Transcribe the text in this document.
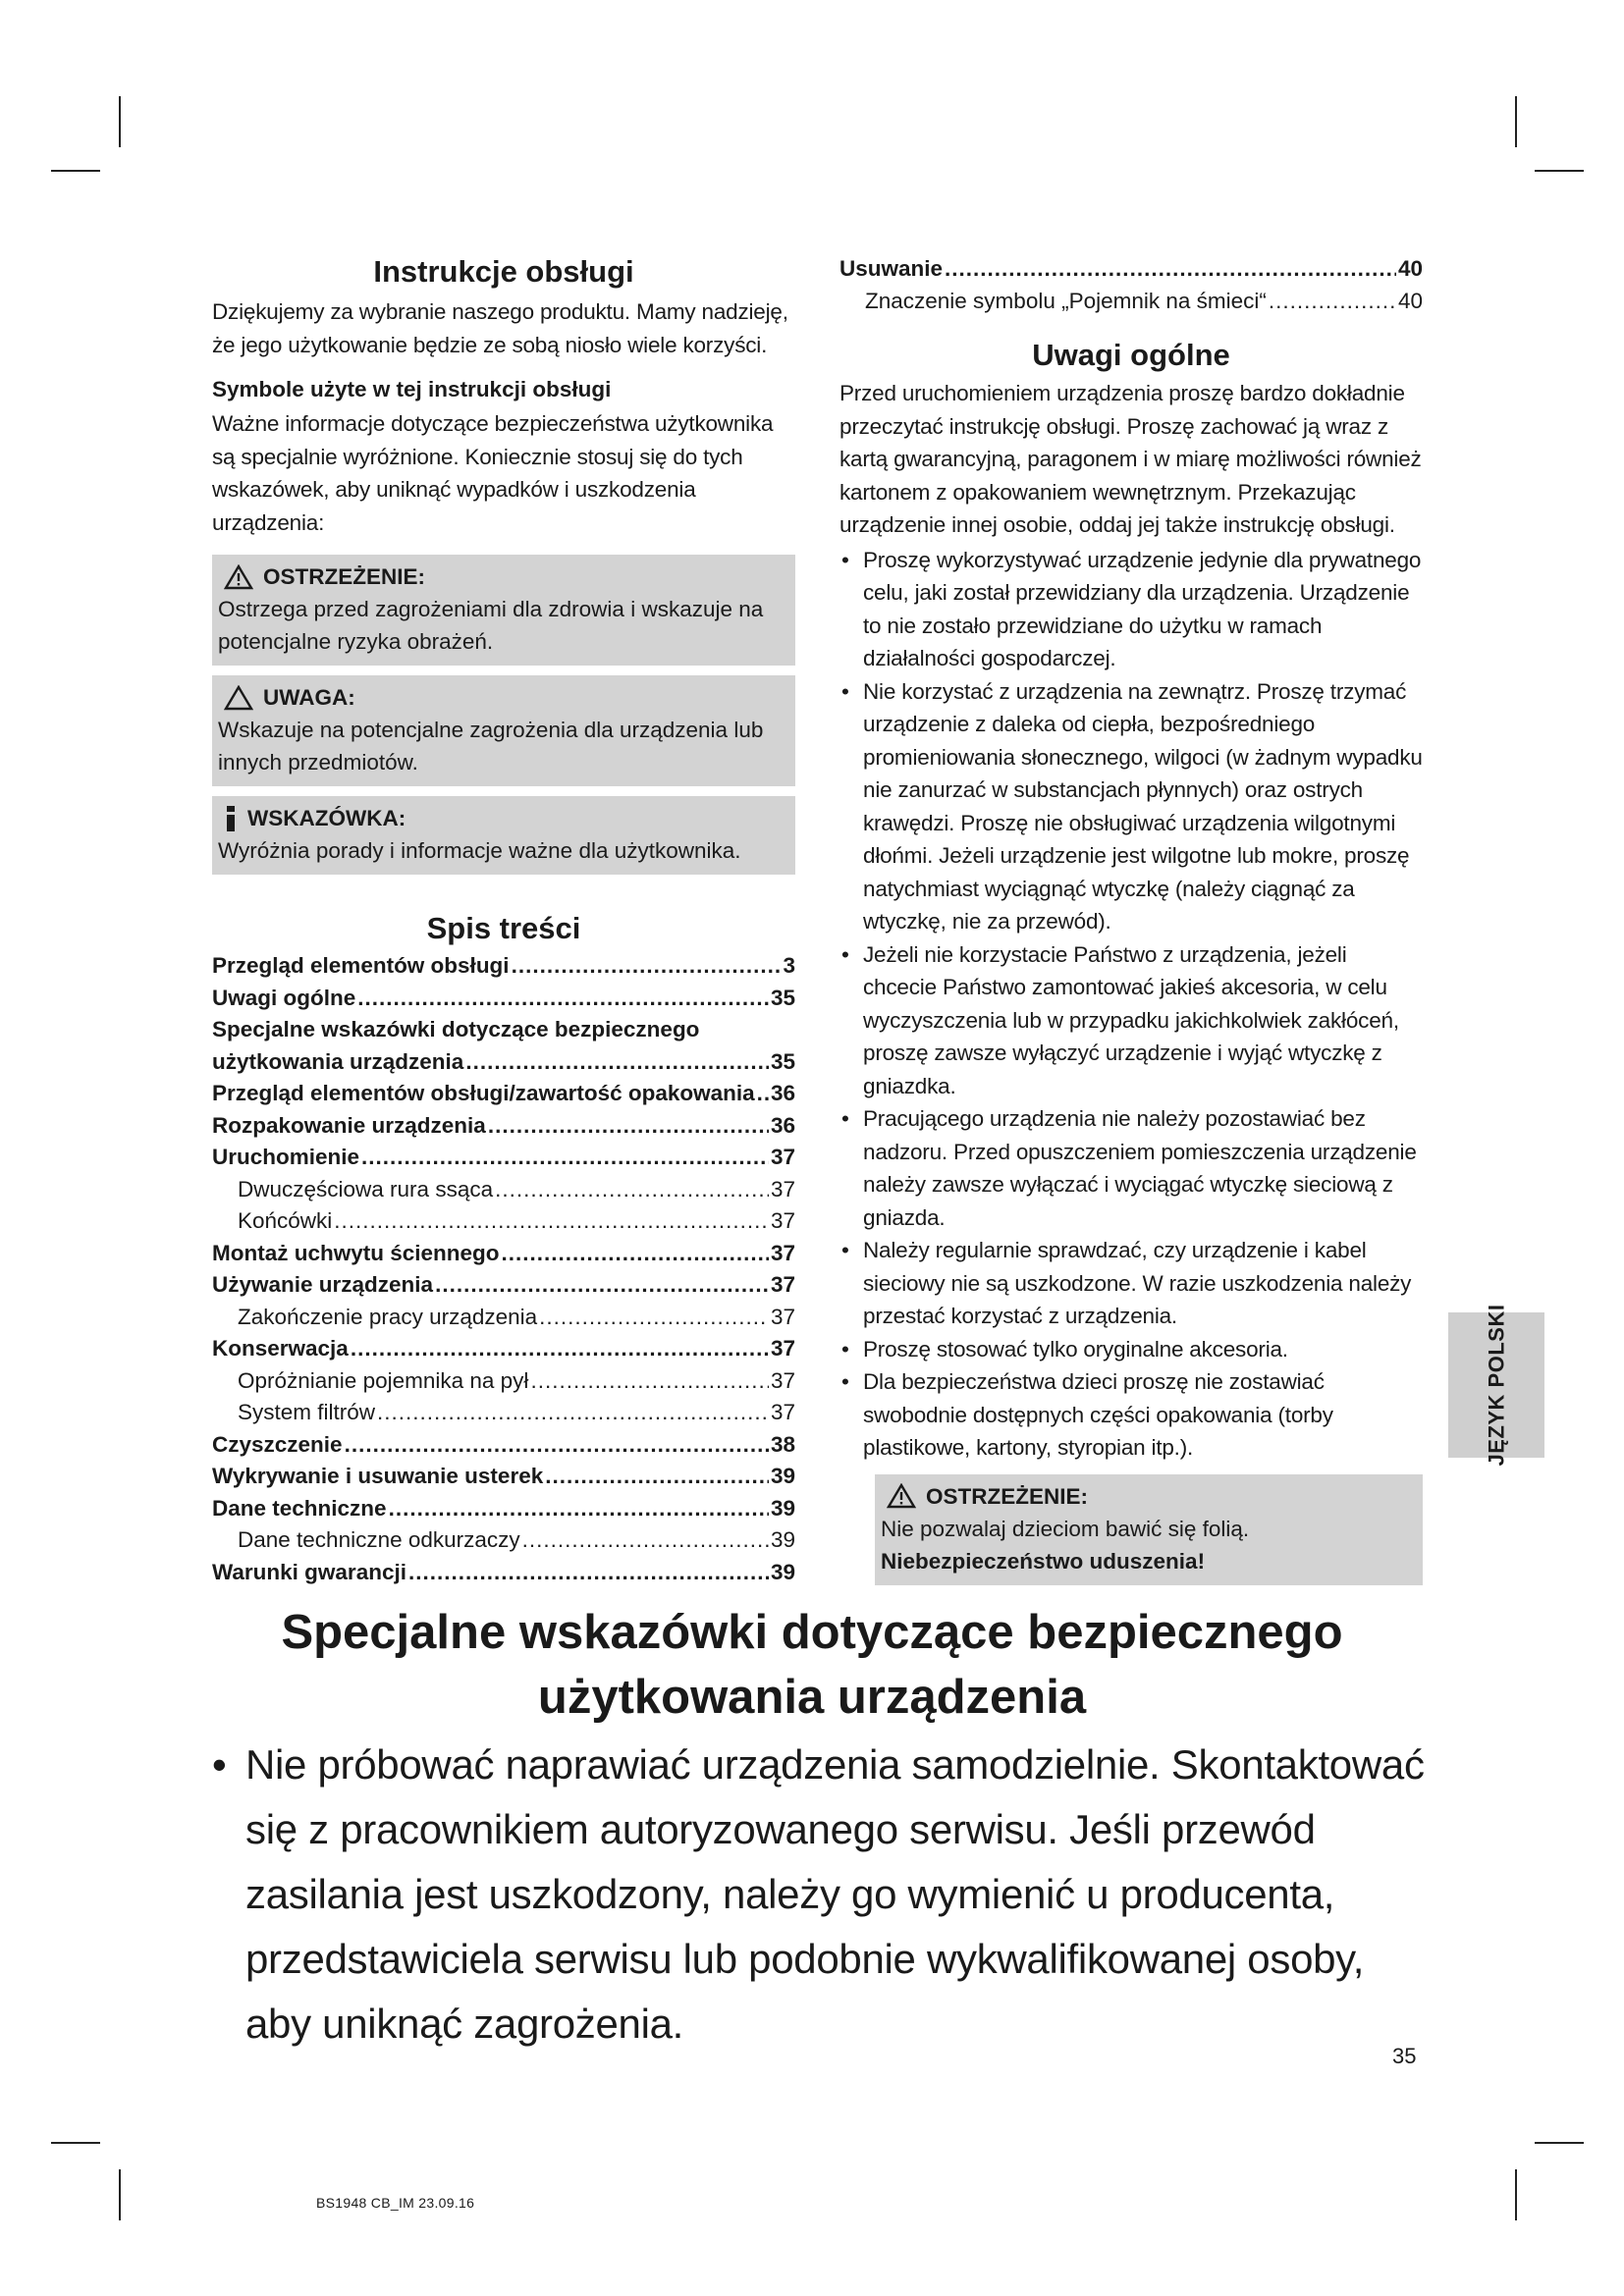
Instrukcje obsługi

Dziękujemy za wybranie naszego produktu. Mamy nadzieję, że jego użytkowanie będzie ze sobą niosło wiele korzyści.

Symbole użyte w tej instrukcji obsługi

Ważne informacje dotyczące bezpieczeństwa użytkownika są specjalnie wyróżnione. Koniecznie stosuj się do tych wskazówek, aby uniknąć wypadków i uszkodzenia urządzenia:

OSTRZEŻENIE:
Ostrzega przed zagrożeniami dla zdrowia i wskazuje na potencjalne ryzyka obrażeń.
UWAGA:
Wskazuje na potencjalne zagrożenia dla urządzenia lub innych przedmiotów.
WSKAZÓWKA:
Wyróżnia porady i informacje ważne dla użytkownika.
Spis treści
Przegląd elementów obsługi .....	3
Uwagi ogólne .....	35
Specjalne wskazówki dotyczące bezpiecznego
użytkowania urządzenia .....	35
Przegląd elementów obsługi/zawartość opakowania ..... 36
Rozpakowanie urządzenia .....	36
Uruchomienie .....	37
Dwuczęściowa rura ssąca .....	37
Końcówki .....	37
Montaż uchwytu ściennego .....	37
Używanie urządzenia .....	37
Zakończenie pracy urządzenia .....	37
Konserwacja .....	37
Opróżnianie pojemnika na pył .....	37
System filtrów .....	37
Czyszczenie .....	38
Wykrywanie i usuwanie usterek .....	39
Dane techniczne .....	39
Dane techniczne odkurzaczy .....	39
Warunki gwarancji .....	39
Usuwanie .....	40
Znaczenie symbolu „Pojemnik na śmieci“ .....	40
Uwagi ogólne

Przed uruchomieniem urządzenia proszę bardzo dokładnie przeczytać instrukcję obsługi. Proszę zachować ją wraz z kartą gwarancyjną, paragonem i w miarę możliwości również kartonem z opakowaniem wewnętrznym. Przekazując urządzenie innej osobie, oddaj jej także instrukcję obsługi.

• Proszę wykorzystywać urządzenie jedynie dla prywatnego celu, jaki został przewidziany dla urządzenia. Urządzenie to nie zostało przewidziane do użytku w ramach działalności gospodarczej.
• Nie korzystać z urządzenia na zewnątrz. Proszę trzymać urządzenie z daleka od ciepła, bezpośredniego promieniowania słonecznego, wilgoci (w żadnym wypadku nie zanurzać w substancjach płynnych) oraz ostrych krawędzi. Proszę nie obsługiwać urządzenia wilgotnymi dłońmi. Jeżeli urządzenie jest wilgotne lub mokre, proszę natychmiast wyciągnąć wtyczkę (należy ciągnąć za wtyczkę, nie za przewód).
• Jeżeli nie korzystacie Państwo z urządzenia, jeżeli chcecie Państwo zamontować jakieś akcesoria, w celu wyczyszczenia lub w przypadku jakichkolwiek zakłóceń, proszę zawsze wyłączyć urządzenie i wyjąć wtyczkę z gniazdka.
• Pracującego urządzenia nie należy pozostawiać bez nadzoru. Przed opuszczeniem pomieszczenia urządzenie należy zawsze wyłączać i wyciągać wtyczkę sieciową z gniazda.
• Należy regularnie sprawdzać, czy urządzenie i kabel sieciowy nie są uszkodzone. W razie uszkodzenia należy przestać korzystać z urządzenia.
• Proszę stosować tylko oryginalne akcesoria.
• Dla bezpieczeństwa dzieci proszę nie zostawiać swobodnie dostępnych części opakowania (torby plastikowe, kartony, styropian itp.).
OSTRZEŻENIE:
Nie pozwalaj dzieciom bawić się folią.
Niebezpieczeństwo uduszenia!
JĘZYK POLSKI
Specjalne wskazówki dotyczące bezpiecznego użytkowania urządzenia
• Nie próbować naprawiać urządzenia samodzielnie. Skontaktować się z pracownikiem autoryzowanego serwisu. Jeśli przewód zasilania jest uszkodzony, należy go wymienić u producenta, przedstawiciela serwisu lub podobnie wykwalifikowanej osoby, aby uniknąć zagrożenia.
35
BS1948 CB_IM 23.09.16
